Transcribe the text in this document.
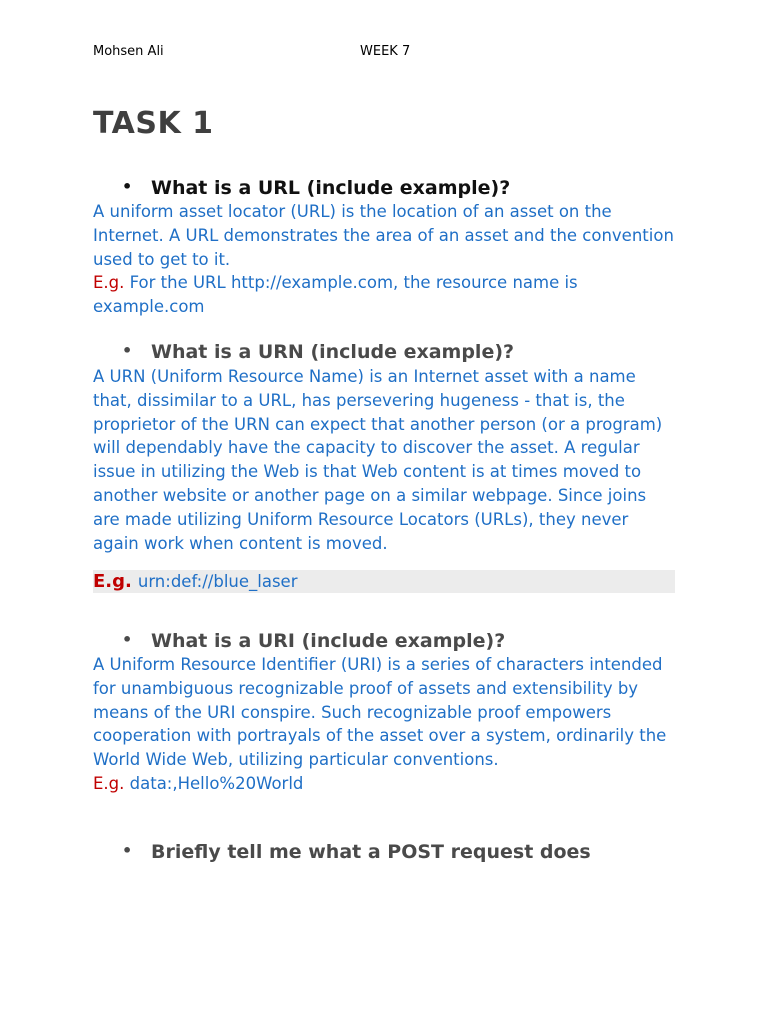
Mohsen Ali	WEEK 7
TASK 1
• What is a URL (include example)?

A uniform asset locator (URL) is the location of an asset on the Internet. A URL demonstrates the area of an asset and the convention used to get to it.
E.g. For the URL http://example.com, the resource name is example.com

• What is a URN (include example)?

A URN (Uniform Resource Name) is an Internet asset with a name that, dissimilar to a URL, has persevering hugeness - that is, the proprietor of the URN can expect that another person (or a program) will dependably have the capacity to discover the asset. A regular issue in utilizing the Web is that Web content is at times moved to another website or another page on a similar webpage. Since joins are made utilizing Uniform Resource Locators (URLs), they never again work when content is moved.

E.g. urn:def://blue_laser
• What is a URI (include example)?

A Uniform Resource Identifier (URI) is a series of characters intended for unambiguous recognizable proof of assets and extensibility by means of the URI conspire. Such recognizable proof empowers cooperation with portrayals of the asset over a system, ordinarily the World Wide Web, utilizing particular conventions.
E.g. data:,Hello%20World

• Briefly tell me what a POST request does
